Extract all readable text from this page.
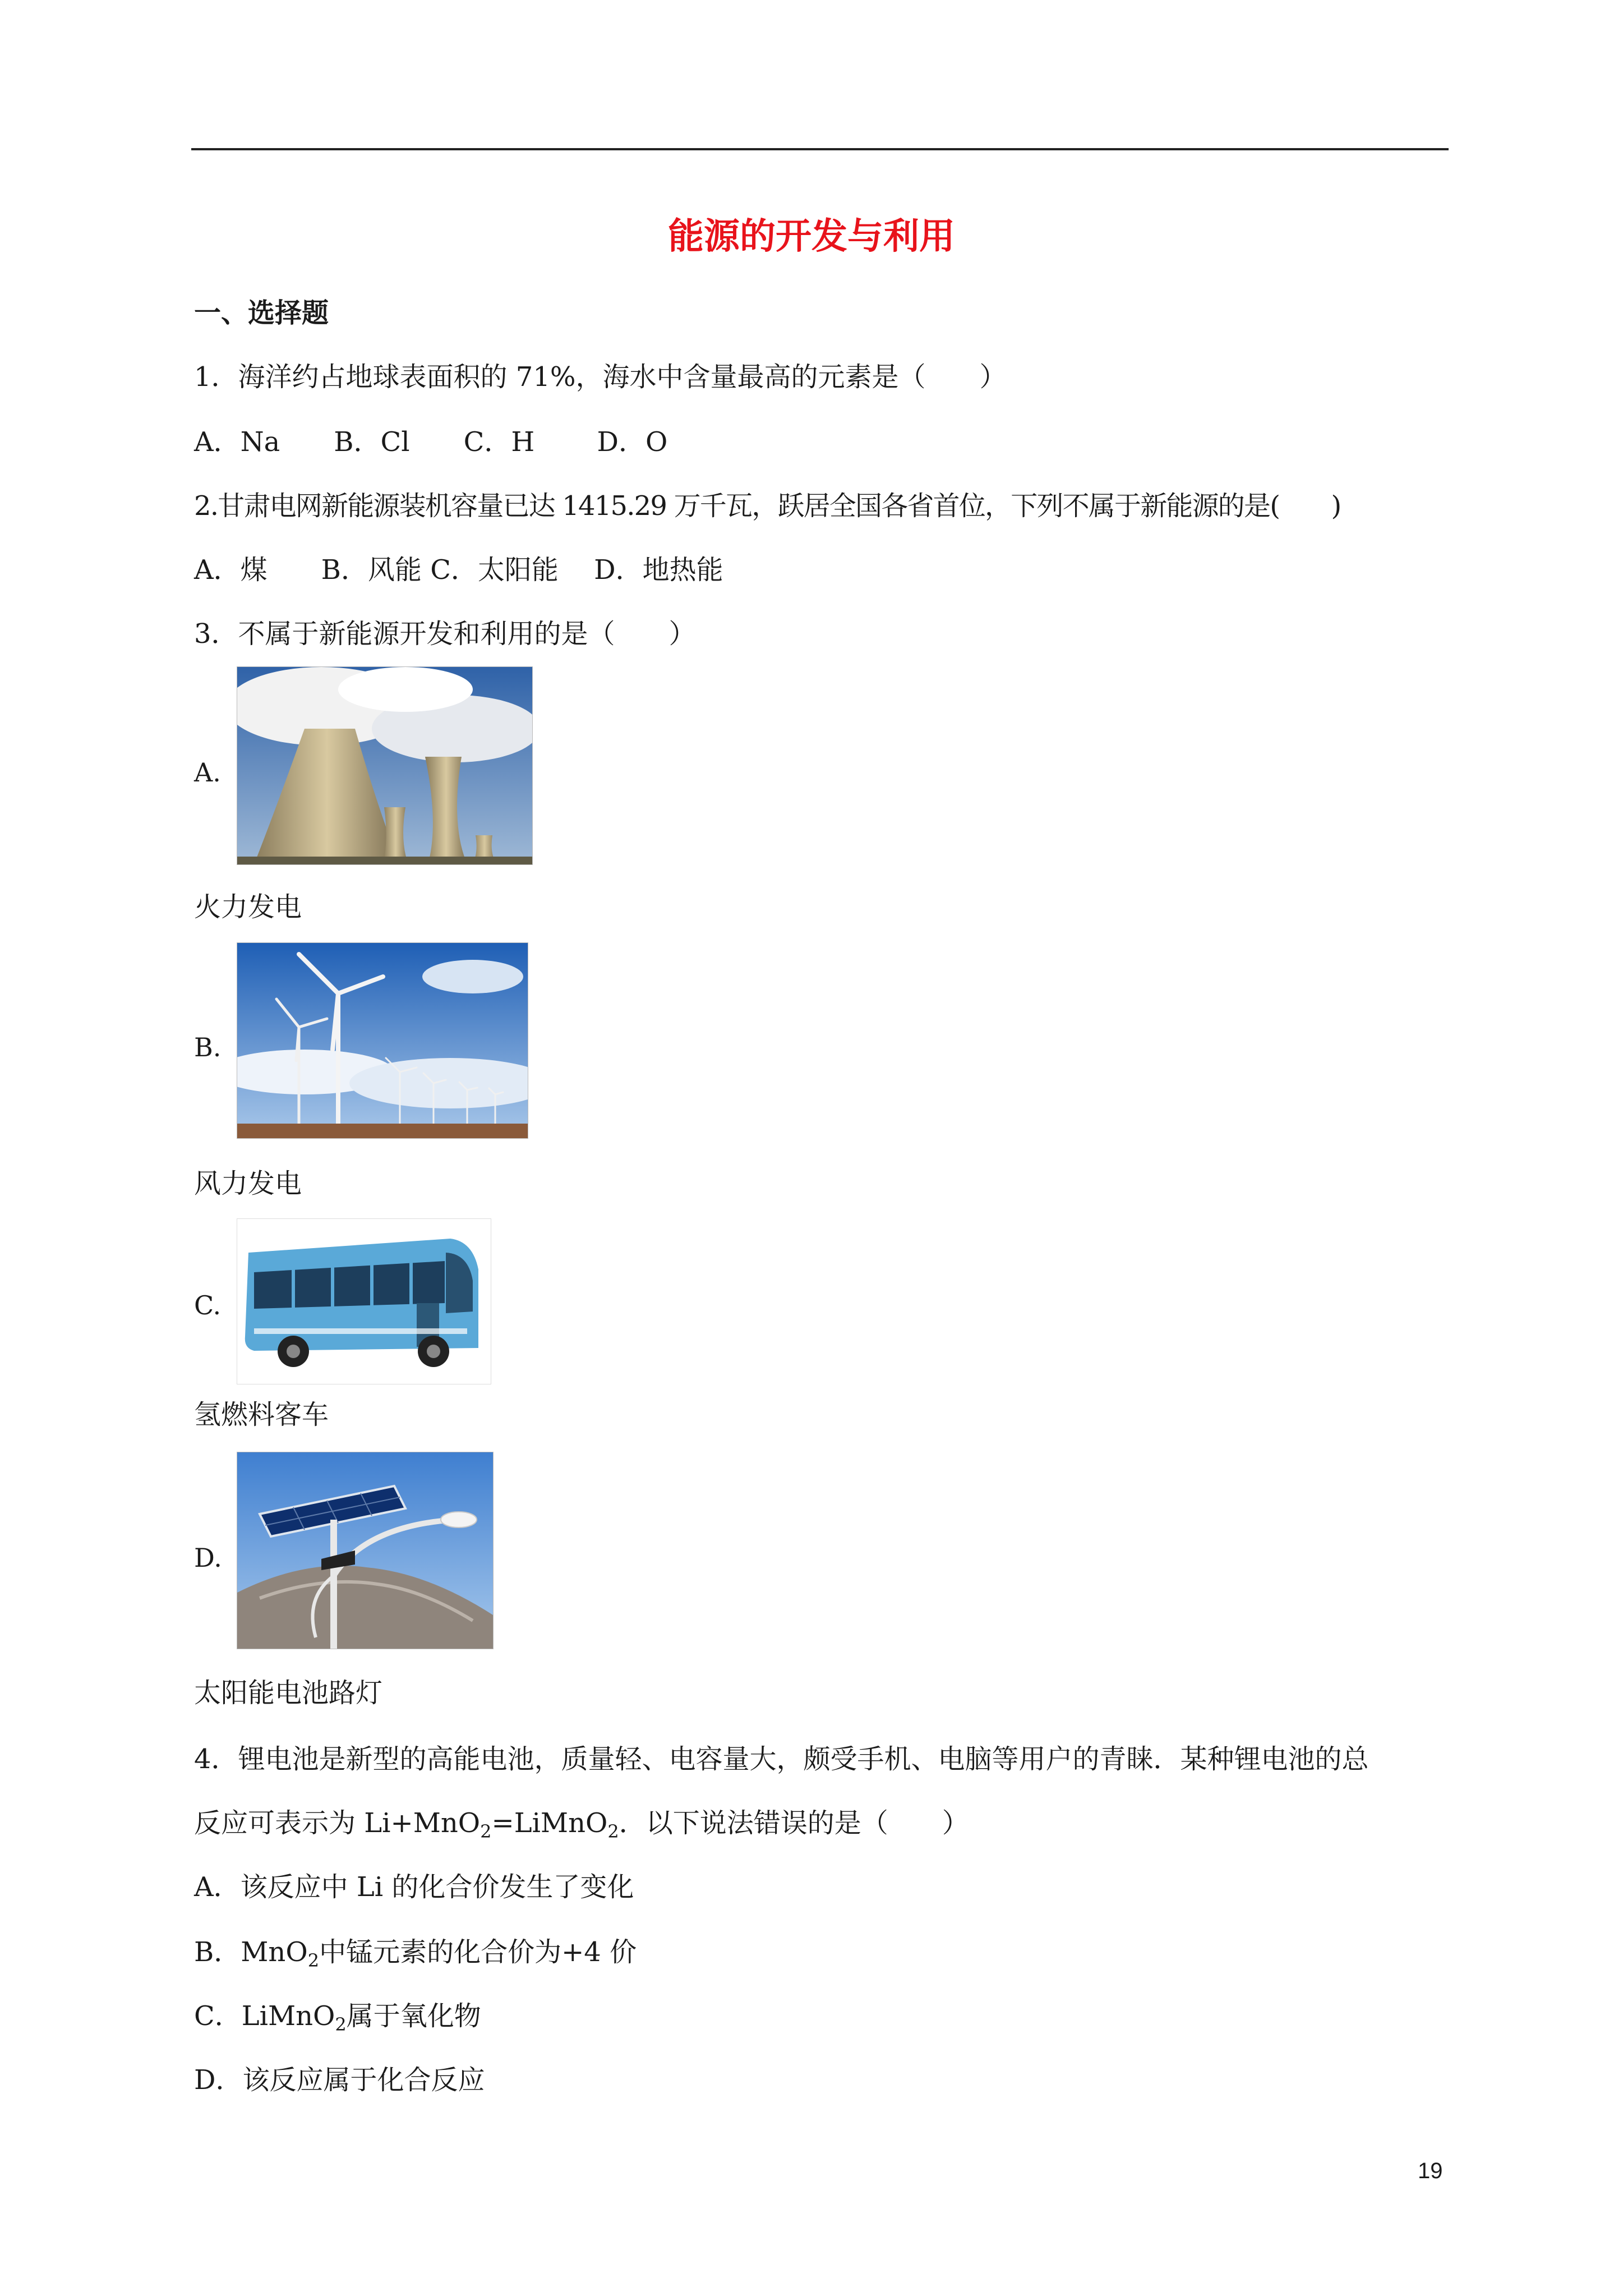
能源的开发与利用
一、选择题
1．海洋约占地球表面积的 71%，海水中含量最高的元素是（　　）
A．Na　　B．Cl　　C．H　　 D．O
2.甘肃电网新能源装机容量已达 1415.29 万千瓦，跃居全国各省首位，下列不属于新能源的是(　　)
A．煤　　B．风能 C．太阳能　 D．地热能
3．不属于新能源开发和利用的是（　　）
A.
火力发电
B.
风力发电
C.
氢燃料客车
D.
太阳能电池路灯
4．锂电池是新型的高能电池，质量轻、电容量大，颇受手机、电脑等用户的青睐．某种锂电池的总
反应可表示为 Li+MnO$_2$=LiMnO$_2$．以下说法错误的是（　　）
A．该反应中 Li 的化合价发生了变化
B．MnO$_2$中锰元素的化合价为+4 价
C．LiMnO$_2$属于氧化物
D．该反应属于化合反应
19
